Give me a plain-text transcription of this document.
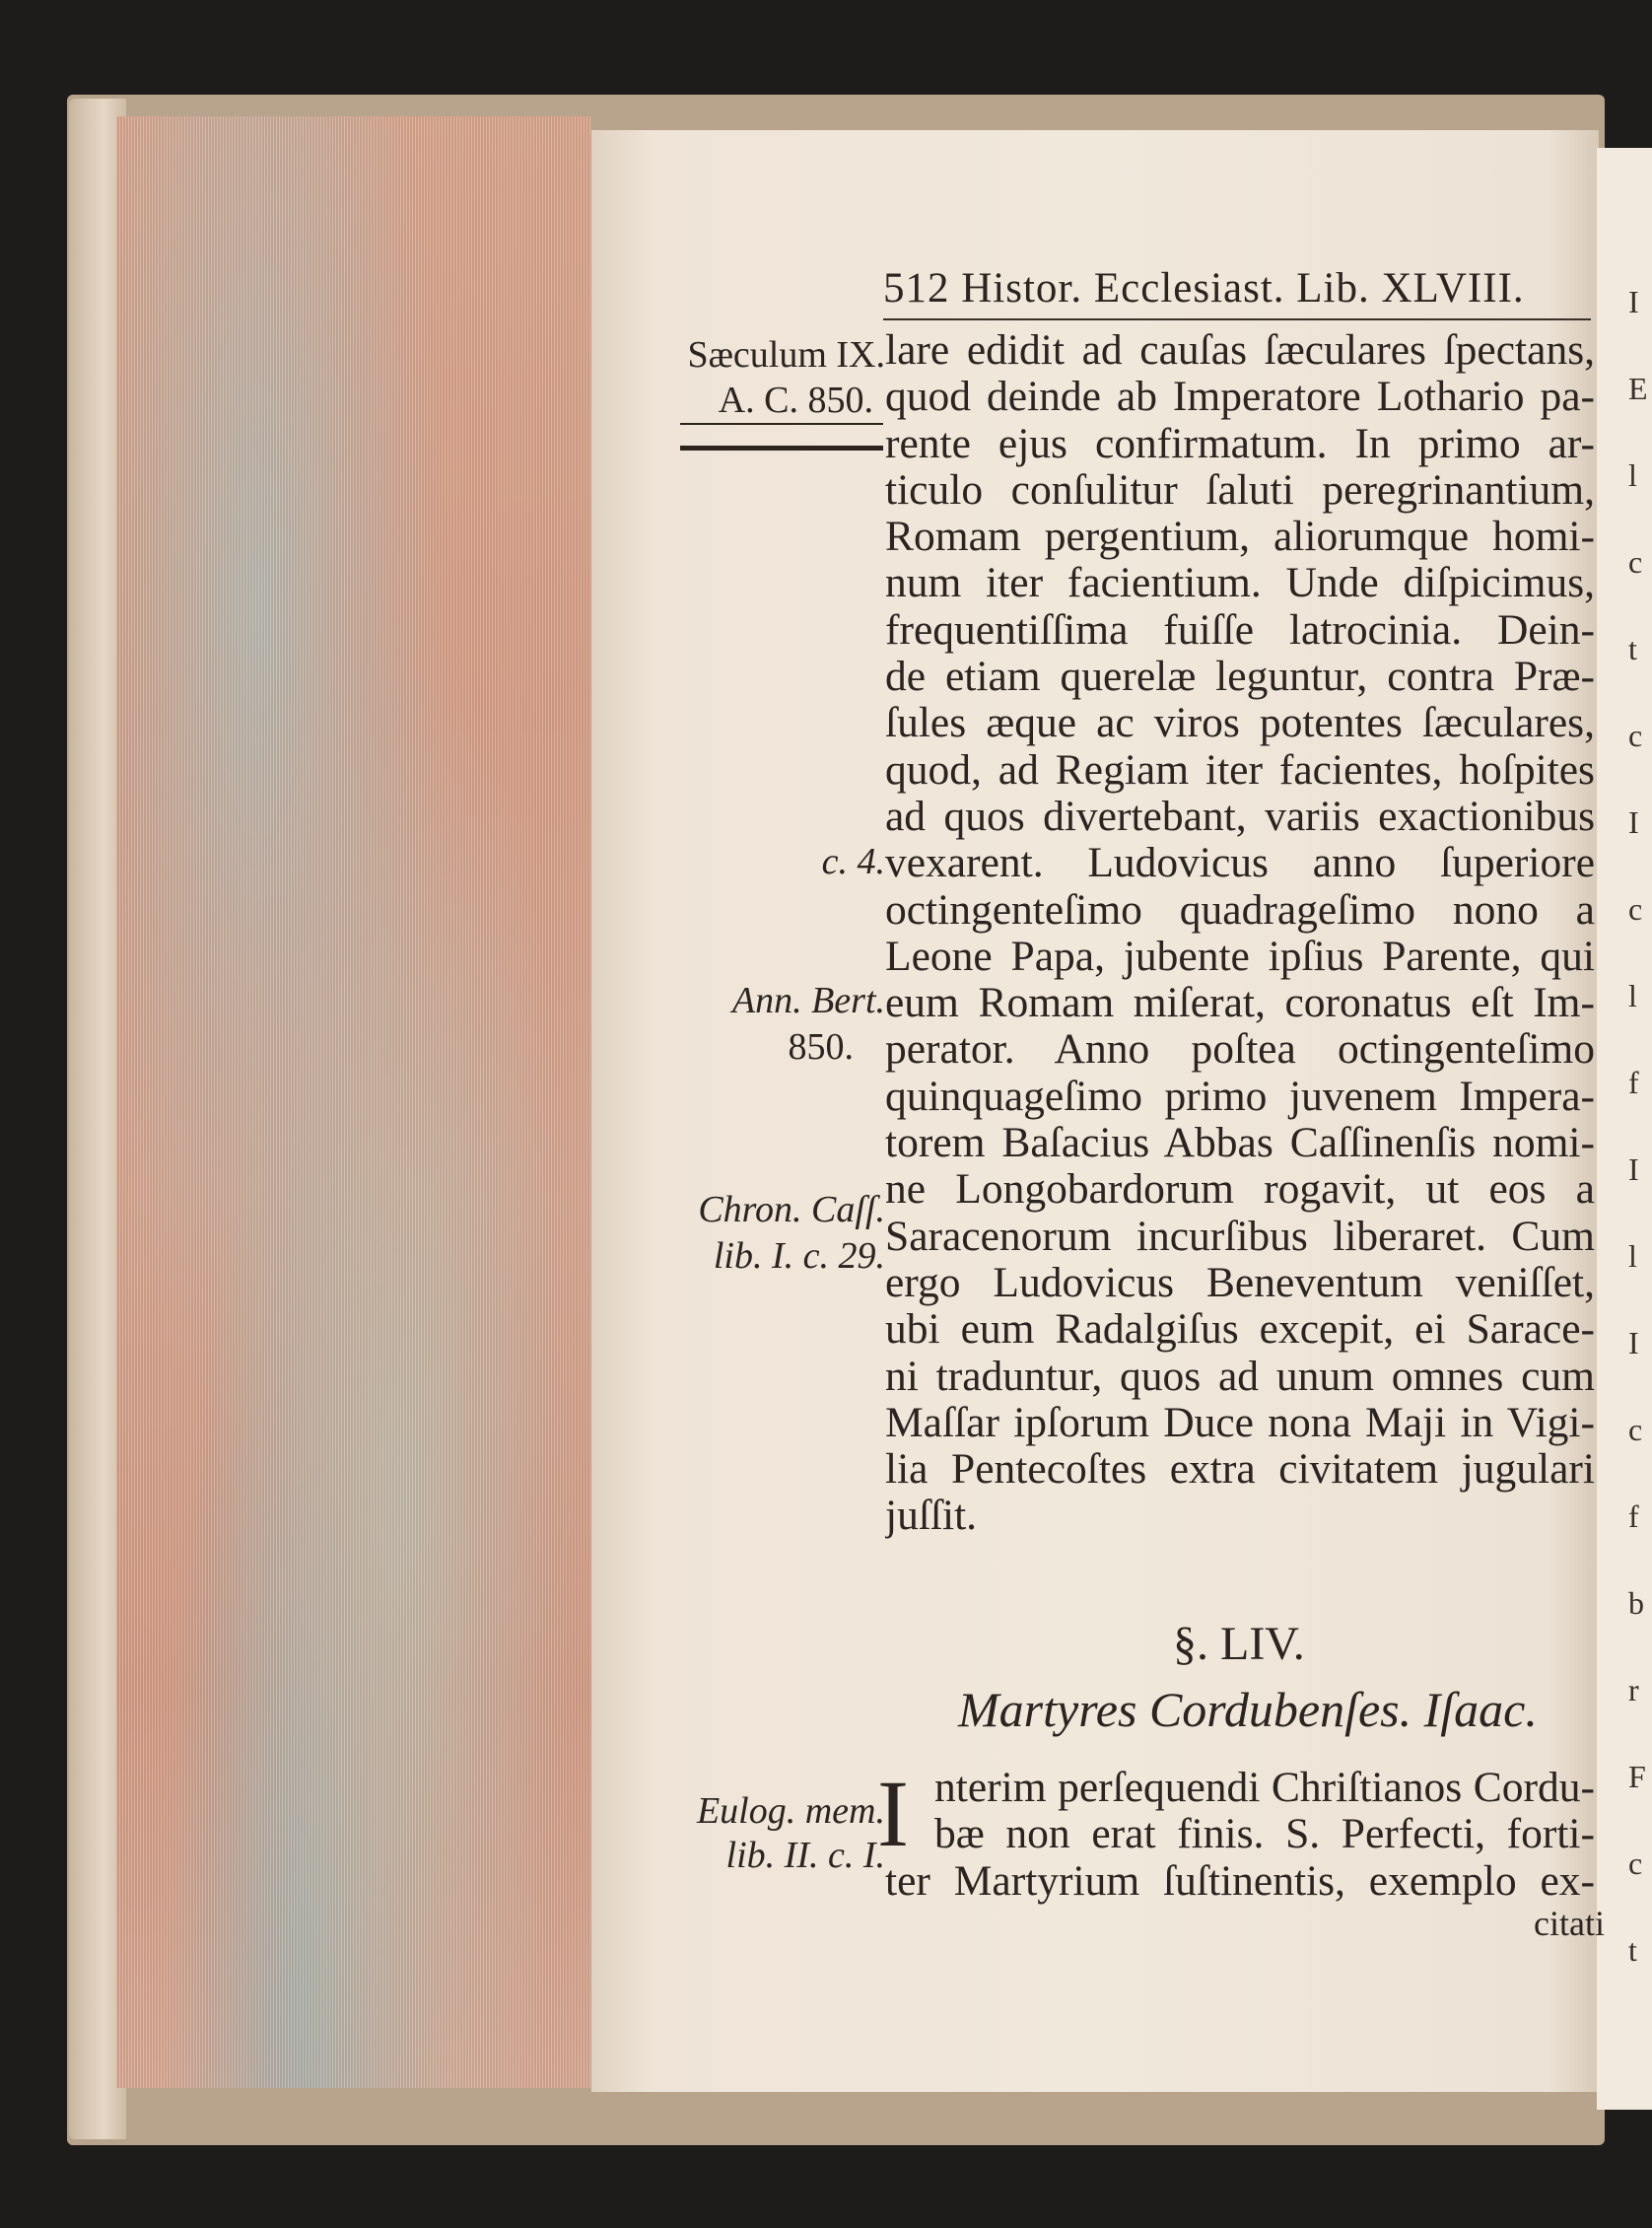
I
E
l
c
t
c
I
c
l
f
I
l
I
c
f
b
r
F
c
t
512 Histor. Ecclesiast. Lib. XLVIII.
Sæculum IX.
A. C. 850.
c. 4.
Ann. Bert.
850.
Chron. Caſſ.
lib. I. c. 29.
Eulog. mem.
lib. II. c. I.
lare edidit ad cauſas ſæculares ſpectans,
quod deinde ab Imperatore Lothario pa-
rente ejus confirmatum. In primo ar-
ticulo conſulitur ſaluti peregrinantium,
Romam pergentium, aliorumque homi-
num iter facientium. Unde diſpicimus,
frequentiſſima fuiſſe latrocinia. Dein-
de etiam querelæ leguntur, contra Præ-
ſules æque ac viros potentes ſæculares,
quod, ad Regiam iter facientes, hoſpites
ad quos divertebant, variis exactionibus
vexarent. Ludovicus anno ſuperiore
octingenteſimo quadrageſimo nono a
Leone Papa, jubente ipſius Parente, qui
eum Romam miſerat, coronatus eſt Im-
perator. Anno poſtea octingenteſimo
quinquageſimo primo juvenem Impera-
torem Baſacius Abbas Caſſinenſis nomi-
ne Longobardorum rogavit, ut eos a
Saracenorum incurſibus liberaret. Cum
ergo Ludovicus Beneventum veniſſet,
ubi eum Radalgiſus excepit, ei Sarace-
ni traduntur, quos ad unum omnes cum
Maſſar ipſorum Duce nona Maji in Vigi-
lia Pentecoſtes extra civitatem jugulari
juſſit.
§. LIV.
Martyres Cordubenſes. Iſaac.
I nterim perſequendi Chriſtianos Cordu-
bæ non erat finis. S. Perfecti, forti-
ter Martyrium ſuſtinentis, exemplo ex-
citati
